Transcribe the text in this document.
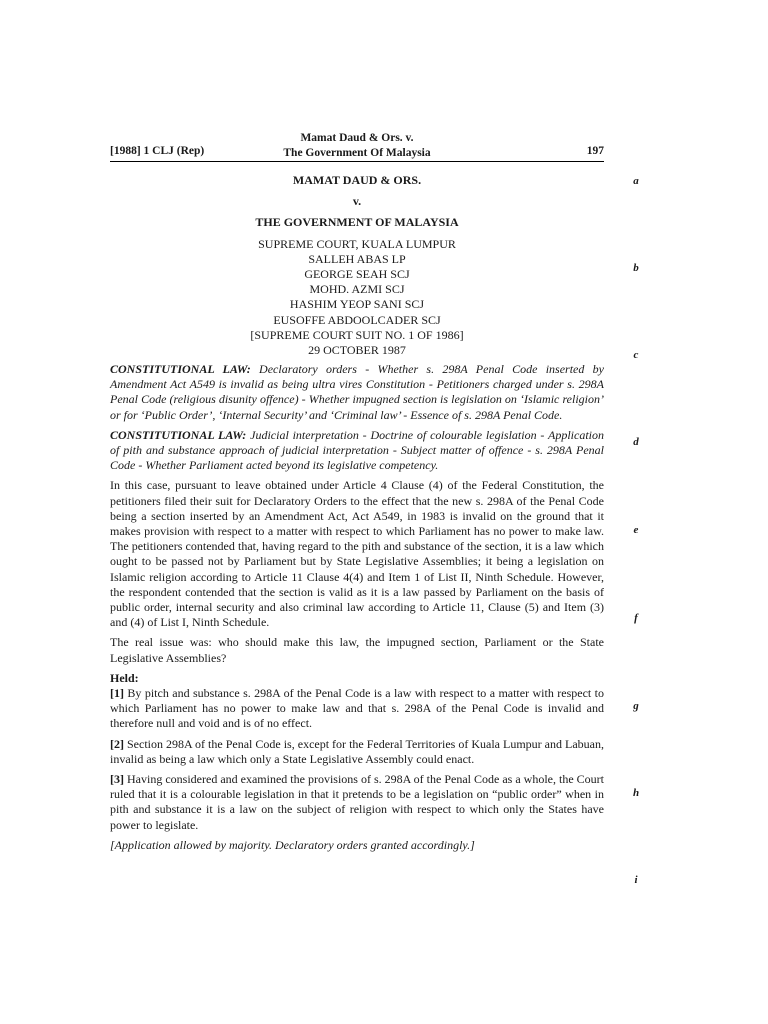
[1988] 1 CLJ (Rep)
Mamat Daud & Ors. v.
The Government Of Malaysia	197
MAMAT DAUD & ORS.
v.
THE GOVERNMENT OF MALAYSIA
SUPREME COURT, KUALA LUMPUR
SALLEH ABAS LP
GEORGE SEAH SCJ
MOHD. AZMI SCJ
HASHIM YEOP SANI SCJ
EUSOFFE ABDOOLCADER SCJ
[SUPREME COURT SUIT NO. 1 OF 1986]
29 OCTOBER 1987

CONSTITUTIONAL LAW: Declaratory orders - Whether s. 298A Penal Code inserted by Amendment Act A549 is invalid as being ultra vires Constitution - Petitioners charged under s. 298A Penal Code (religious disunity offence) - Whether impugned section is legislation on ‘Islamic religion’ or for ‘Public Order’, ‘Internal Security’ and ‘Criminal law’ - Essence of s. 298A Penal Code.

CONSTITUTIONAL LAW: Judicial interpretation - Doctrine of colourable legislation - Application of pith and substance approach of judicial interpretation - Subject matter of offence - s. 298A Penal Code - Whether Parliament acted beyond its legislative competency.

In this case, pursuant to leave obtained under Article 4 Clause (4) of the Federal Constitution, the petitioners filed their suit for Declaratory Orders to the effect that the new s. 298A of the Penal Code being a section inserted by an Amendment Act, Act A549, in 1983 is invalid on the ground that it makes provision with respect to a matter with respect to which Parliament has no power to make law. The petitioners contended that, having regard to the pith and substance of the section, it is a law which ought to be passed not by Parliament but by State Legislative Assemblies; it being a legislation on Islamic religion according to Article 11 Clause 4(4) and Item 1 of List II, Ninth Schedule. However, the respondent contended that the section is valid as it is a law passed by Parliament on the basis of public order, internal security and also criminal law according to Article 11, Clause (5) and Item (3) and (4) of List I, Ninth Schedule.

The real issue was: who should make this law, the impugned section, Parliament or the State Legislative Assemblies?

Held:

[1] By pitch and substance s. 298A of the Penal Code is a law with respect to a matter with respect to which Parliament has no power to make law and that s. 298A of the Penal Code is invalid and therefore null and void and is of no effect.

[2] Section 298A of the Penal Code is, except for the Federal Territories of Kuala Lumpur and Labuan, invalid as being a law which only a State Legislative Assembly could enact.

[3] Having considered and examined the provisions of s. 298A of the Penal Code as a whole, the Court ruled that it is a colourable legislation in that it pretends to be a legislation on “public order” when in pith and substance it is a law on the subject of religion with respect to which only the States have power to legislate.

[Application allowed by majority. Declaratory orders granted accordingly.]

a
b
c
d
e
f
g
h
i
